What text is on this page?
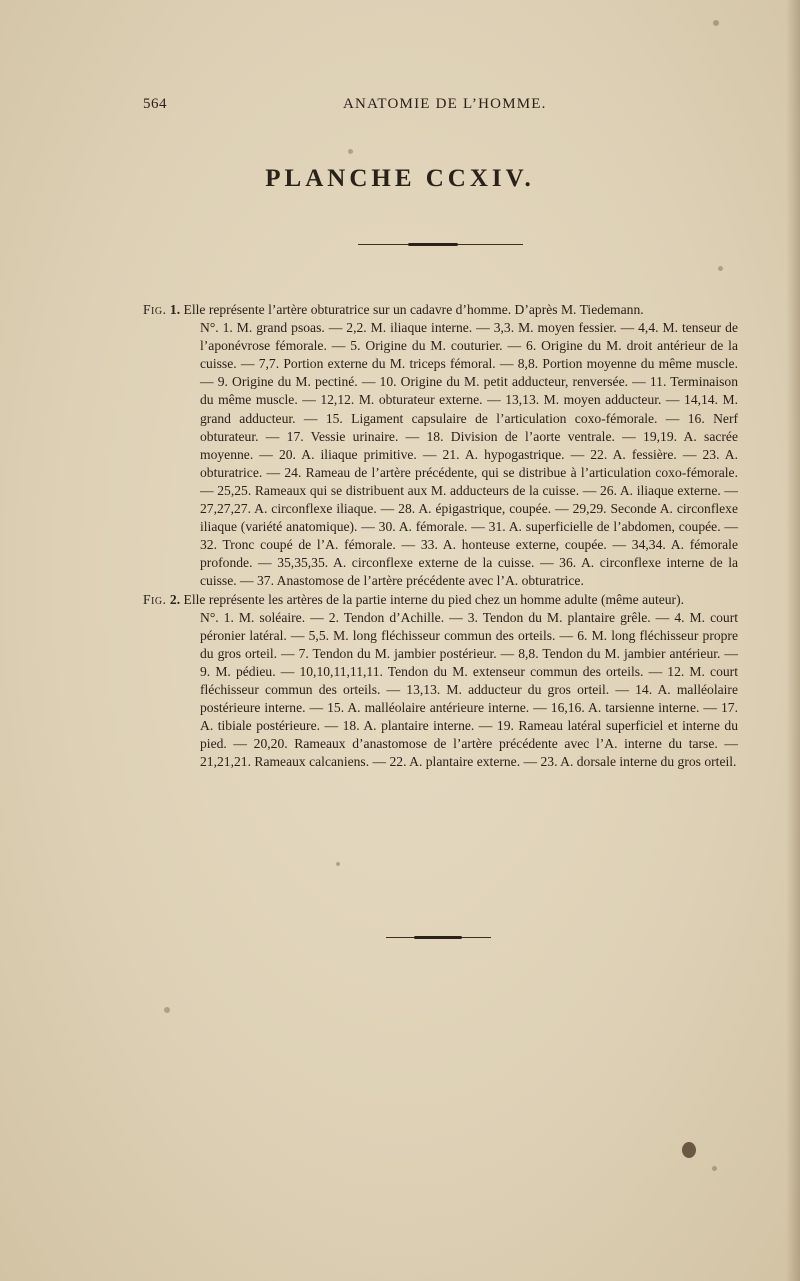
564	ANATOMIE DE L’HOMME.
PLANCHE CCXIV.

Fig. 1. Elle représente l’artère obturatrice sur un cadavre d’homme. D’après M. Tiedemann.

N°. 1. M. grand psoas. — 2,2. M. iliaque interne. — 3,3. M. moyen fessier. — 4,4. M. tenseur de l’aponévrose fémorale. — 5. Origine du M. couturier. — 6. Origine du M. droit antérieur de la cuisse. — 7,7. Portion externe du M. triceps fémoral. — 8,8. Portion moyenne du même muscle. — 9. Origine du M. pectiné. — 10. Origine du M. petit adducteur, renversée. — 11. Terminaison du même muscle. — 12,12. M. obturateur externe. — 13,13. M. moyen adducteur. — 14,14. M. grand adducteur. — 15. Ligament capsulaire de l’articulation coxo-fémorale. — 16. Nerf obturateur. — 17. Vessie urinaire. — 18. Division de l’aorte ventrale. — 19,19. A. sacrée moyenne. — 20. A. iliaque primitive. — 21. A. hypogastrique. — 22. A. fessière. — 23. A. obturatrice. — 24. Rameau de l’artère précédente, qui se distribue à l’articulation coxo-fémorale. — 25,25. Rameaux qui se distribuent aux M. adducteurs de la cuisse. — 26. A. iliaque externe. — 27,27,27. A. circonflexe iliaque. — 28. A. épigastrique, coupée. — 29,29. Seconde A. circonflexe iliaque (variété anatomique). — 30. A. fémorale. — 31. A. superficielle de l’abdomen, coupée. — 32. Tronc coupé de l’A. fémorale. — 33. A. honteuse externe, coupée. — 34,34. A. fémorale profonde. — 35,35,35. A. circonflexe externe de la cuisse. — 36. A. circonflexe interne de la cuisse. — 37. Anastomose de l’artère précédente avec l’A. obturatrice.

Fig. 2. Elle représente les artères de la partie interne du pied chez un homme adulte (même auteur).

N°. 1. M. soléaire. — 2. Tendon d’Achille. — 3. Tendon du M. plantaire grêle. — 4. M. court péronier latéral. — 5,5. M. long fléchisseur commun des orteils. — 6. M. long fléchisseur propre du gros orteil. — 7. Tendon du M. jambier postérieur. — 8,8. Tendon du M. jambier antérieur. — 9. M. pédieu. — 10,10,11,11,11. Tendon du M. extenseur commun des orteils. — 12. M. court fléchisseur commun des orteils. — 13,13. M. adducteur du gros orteil. — 14. A. malléolaire postérieure interne. — 15. A. malléolaire antérieure interne. — 16,16. A. tarsienne interne. — 17. A. tibiale postérieure. — 18. A. plantaire interne. — 19. Rameau latéral superficiel et interne du pied. — 20,20. Rameaux d’anastomose de l’artère précédente avec l’A. interne du tarse. — 21,21,21. Rameaux calcaniens. — 22. A. plantaire externe. — 23. A. dorsale interne du gros orteil.
